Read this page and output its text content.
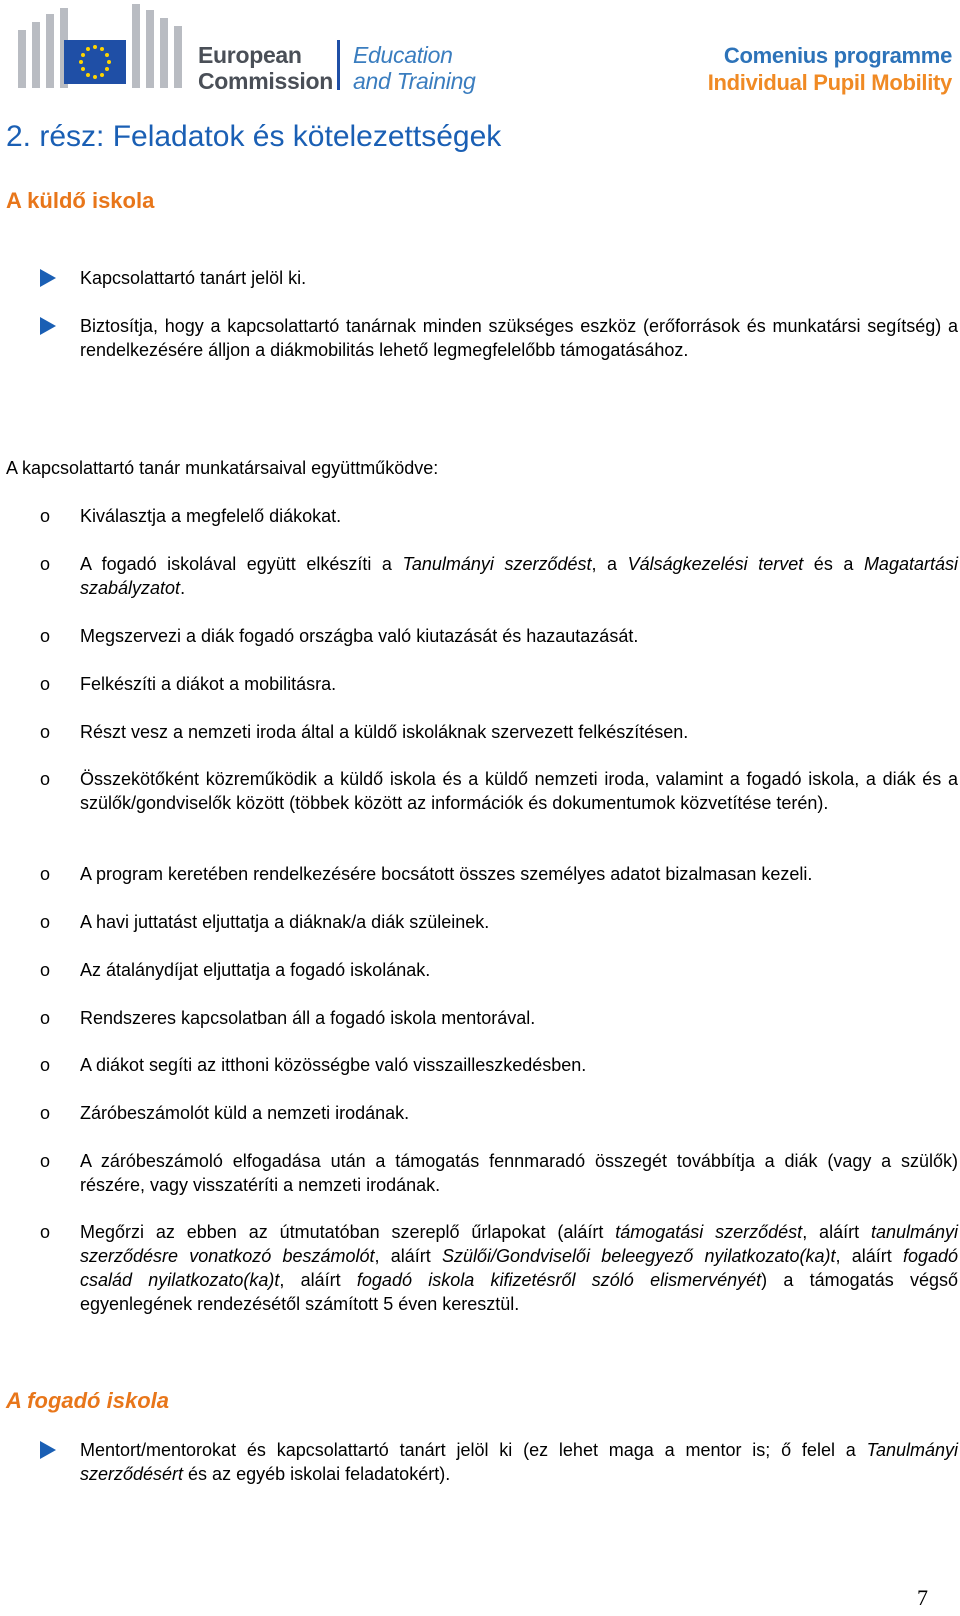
European
Commission
Education
and Training
Comenius programme
Individual Pupil Mobility
2. rész: Feladatok és kötelezettségek
A küldő iskola

Kapcsolattartó tanárt jelöl ki.

Biztosítja, hogy a kapcsolattartó tanárnak minden szükséges eszköz (erőforrások és munkatársi segítség) a rendelkezésére álljon a diákmobilitás lehető legmegfelelőbb támogatásához.

A kapcsolattartó tanár munkatársaival együttműködve:

o Kiválasztja a megfelelő diákokat.

o A fogadó iskolával együtt elkészíti a Tanulmányi szerződést, a Válságkezelési tervet és a Magatartási szabályzatot.

o Megszervezi a diák fogadó országba való kiutazását és hazautazását.

o Felkészíti a diákot a mobilitásra.

o Részt vesz a nemzeti iroda által a küldő iskoláknak szervezett felkészítésen.

o Összekötőként közreműködik a küldő iskola és a küldő nemzeti iroda, valamint a fogadó iskola, a diák és a szülők/gondviselők között (többek között az információk és dokumentumok közvetítése terén).

o A program keretében rendelkezésére bocsátott összes személyes adatot bizalmasan kezeli.

o A havi juttatást eljuttatja a diáknak/a diák szüleinek.

o Az átalánydíjat eljuttatja a fogadó iskolának.

o Rendszeres kapcsolatban áll a fogadó iskola mentorával.

o A diákot segíti az itthoni közösségbe való visszailleszkedésben.

o Záróbeszámolót küld a nemzeti irodának.

o A záróbeszámoló elfogadása után a támogatás fennmaradó összegét továbbítja a diák (vagy a szülők) részére, vagy visszatéríti a nemzeti irodának.

o Megőrzi az ebben az útmutatóban szereplő űrlapokat (aláírt támogatási szerződést, aláírt tanulmányi szerződésre vonatkozó beszámolót, aláírt Szülői/Gondviselői beleegyező nyilatkozato(ka)t, aláírt fogadó család nyilatkozato(ka)t, aláírt fogadó iskola kifizetésről szóló elismervényét) a támogatás végső egyenlegének rendezésétől számított 5 éven keresztül.

A fogadó iskola

Mentort/mentorokat és kapcsolattartó tanárt jelöl ki (ez lehet maga a mentor is; ő felel a Tanulmányi szerződésért és az egyéb iskolai feladatokért).

7
